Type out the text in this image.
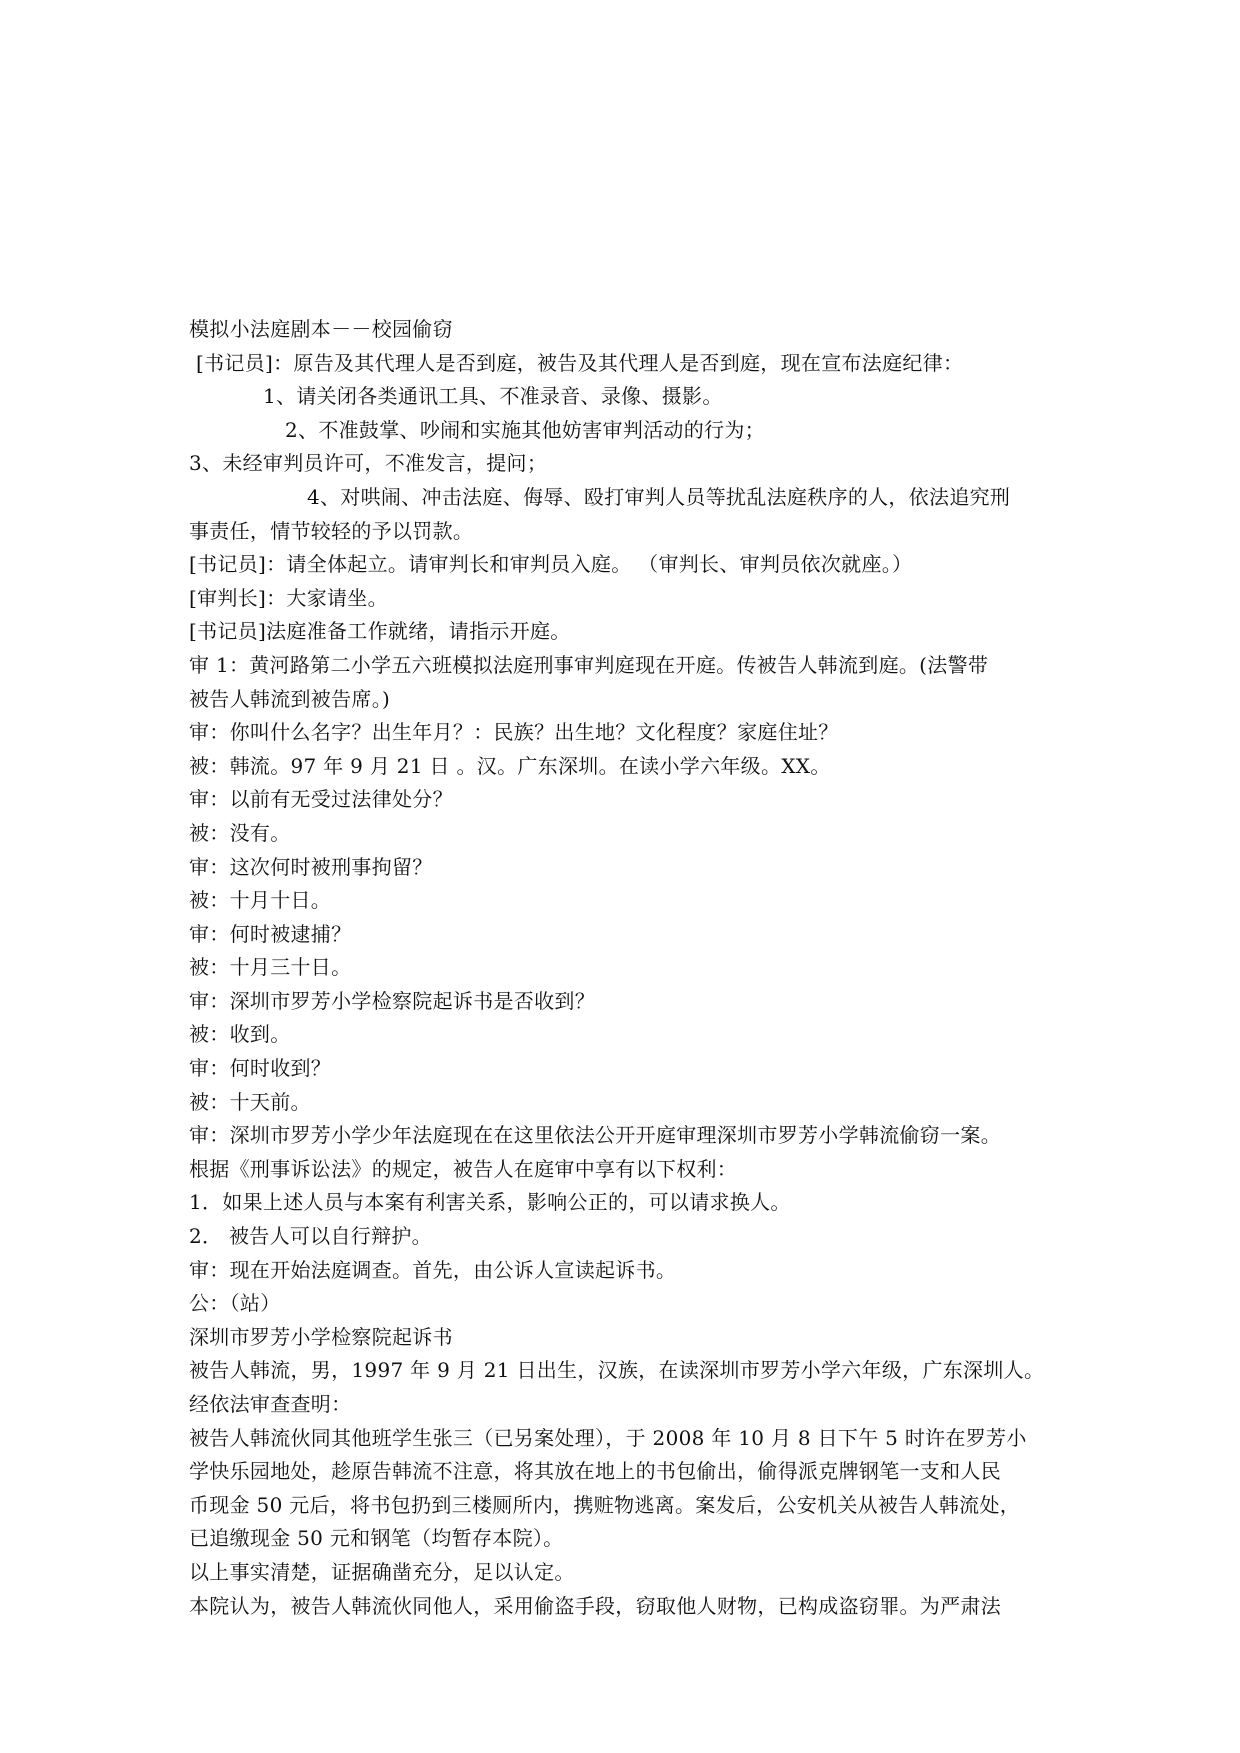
模拟小法庭剧本－－校园偷窃
[书记员]：原告及其代理人是否到庭，被告及其代理人是否到庭，现在宣布法庭纪律：
1、请关闭各类通讯工具、不准录音、录像、摄影。
2、不准鼓掌、吵闹和实施其他妨害审判活动的行为；
3、未经审判员许可，不准发言，提问；
4、对哄闹、冲击法庭、侮辱、殴打审判人员等扰乱法庭秩序的人，依法追究刑
事责任，情节较轻的予以罚款。
[书记员]：请全体起立。请审判长和审判员入庭。 （审判长、审判员依次就座。）
[审判长]：大家请坐。
[书记员]法庭准备工作就绪，请指示开庭。
审 1：黄河路第二小学五六班模拟法庭刑事审判庭现在开庭。传被告人韩流到庭。(法警带
被告人韩流到被告席。)
审：你叫什么名字？出生年月？：民族？出生地？文化程度？家庭住址？
被：韩流。97 年 9 月 21 日 。汉。广东深圳。在读小学六年级。XX。
审：以前有无受过法律处分？
被：没有。
审：这次何时被刑事拘留？
被：十月十日。
审：何时被逮捕？
被：十月三十日。
审：深圳市罗芳小学检察院起诉书是否收到？
被：收到。
审：何时收到？
被：十天前。
审：深圳市罗芳小学少年法庭现在在这里依法公开开庭审理深圳市罗芳小学韩流偷窃一案。
根据《刑事诉讼法》的规定，被告人在庭审中享有以下权利：
1．如果上述人员与本案有利害关系，影响公正的，可以请求换人。
2． 被告人可以自行辩护。
审：现在开始法庭调查。首先，由公诉人宣读起诉书。
公：（站）
深圳市罗芳小学检察院起诉书
被告人韩流，男，1997 年 9 月 21 日出生，汉族，在读深圳市罗芳小学六年级，广东深圳人。
经依法审查查明：
被告人韩流伙同其他班学生张三（已另案处理），于 2008 年 10 月 8 日下午 5 时许在罗芳小
学快乐园地处，趁原告韩流不注意，将其放在地上的书包偷出，偷得派克牌钢笔一支和人民
币现金 50 元后，将书包扔到三楼厕所内，携赃物逃离。案发后，公安机关从被告人韩流处，
已追缴现金 50 元和钢笔（均暂存本院）。
以上事实清楚，证据确凿充分，足以认定。
本院认为，被告人韩流伙同他人，采用偷盗手段，窃取他人财物，已构成盗窃罪。为严肃法
